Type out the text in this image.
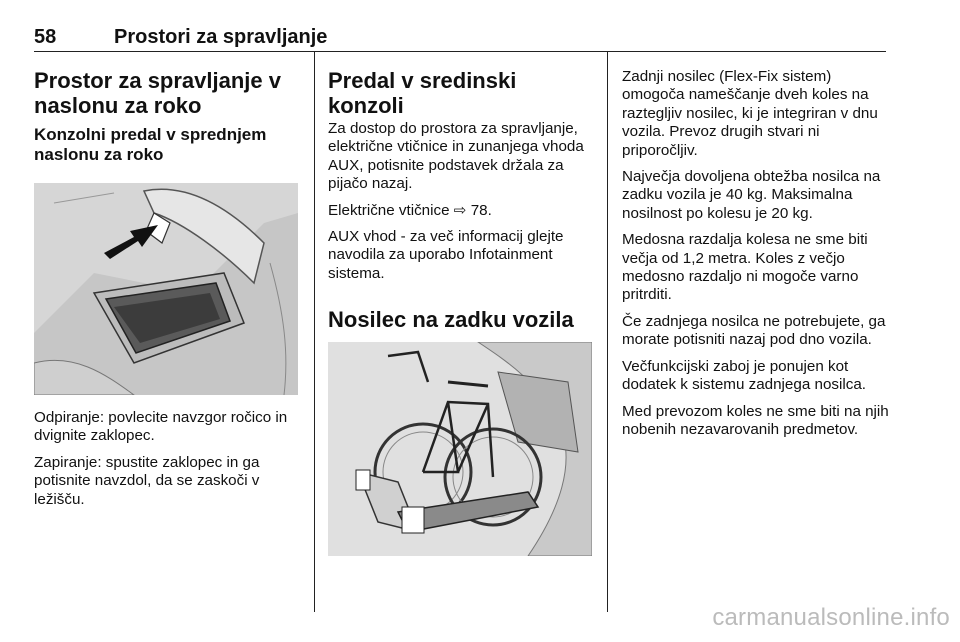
58	Prostori za spravljanje
Prostor za spravljanje v naslonu za roko
Konzolni predal v sprednjem naslonu za roko

Odpiranje: povlecite navzgor ročico in dvignite zaklopec.

Zapiranje: spustite zaklopec in ga potisnite navzdol, da se zaskoči v ležišču.

Predal v sredinski konzoli

Za dostop do prostora za spravljanje, električne vtičnice in zunanjega vhoda AUX, potisnite podstavek držala za pijačo nazaj.

Električne vtičnice ⇨ 78.

AUX vhod - za več informacij glejte navodila za uporabo Infotainment sistema.

Nosilec na zadku vozila

Zadnji nosilec (Flex-Fix sistem) omogoča nameščanje dveh koles na raztegljiv nosilec, ki je integriran v dnu vozila. Prevoz drugih stvari ni priporočljiv.

Največja dovoljena obtežba nosilca na zadku vozila je 40 kg. Maksimalna nosilnost po kolesu je 20 kg.

Medosna razdalja kolesa ne sme biti večja od 1,2 metra. Koles z večjo medosno razdaljo ni mogoče varno pritrditi.

Če zadnjega nosilca ne potrebujete, ga morate potisniti nazaj pod dno vozila.

Večfunkcijski zaboj je ponujen kot dodatek k sistemu zadnjega nosilca.

Med prevozom koles ne sme biti na njih nobenih nezavarovanih predmetov.

carmanualsonline.info
